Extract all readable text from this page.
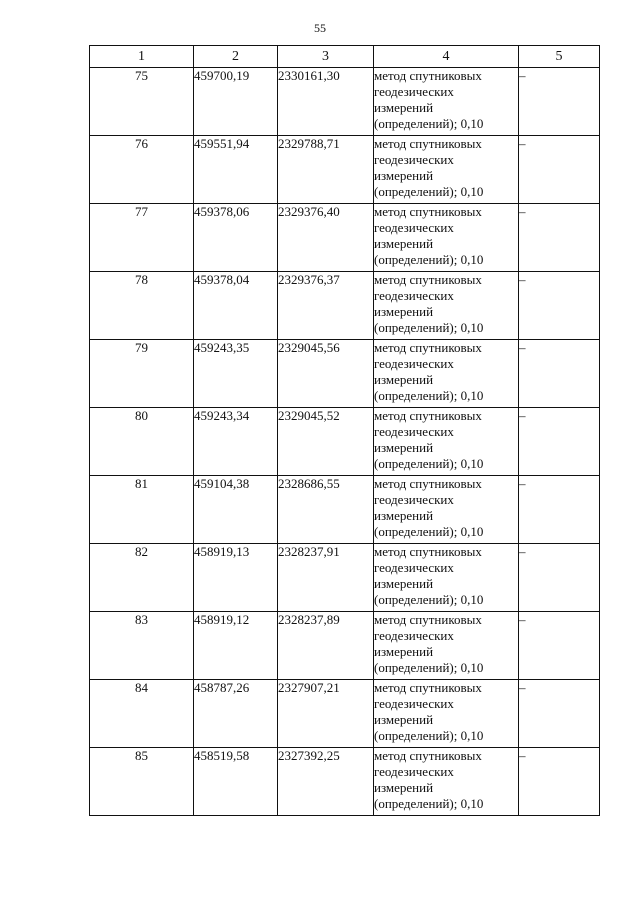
55
1	2	3	4	5
75	459700,19	2330161,30	метод спутниковых
геодезических
измерений
(определений); 0,10	–
76	459551,94	2329788,71	метод спутниковых
геодезических
измерений
(определений); 0,10	–
77	459378,06	2329376,40	метод спутниковых
геодезических
измерений
(определений); 0,10	–
78	459378,04	2329376,37	метод спутниковых
геодезических
измерений
(определений); 0,10	–
79	459243,35	2329045,56	метод спутниковых
геодезических
измерений
(определений); 0,10	–
80	459243,34	2329045,52	метод спутниковых
геодезических
измерений
(определений); 0,10	–
81	459104,38	2328686,55	метод спутниковых
геодезических
измерений
(определений); 0,10	–
82	458919,13	2328237,91	метод спутниковых
геодезических
измерений
(определений); 0,10	–
83	458919,12	2328237,89	метод спутниковых
геодезических
измерений
(определений); 0,10	–
84	458787,26	2327907,21	метод спутниковых
геодезических
измерений
(определений); 0,10	–
85	458519,58	2327392,25	метод спутниковых
геодезических
измерений
(определений); 0,10	–
